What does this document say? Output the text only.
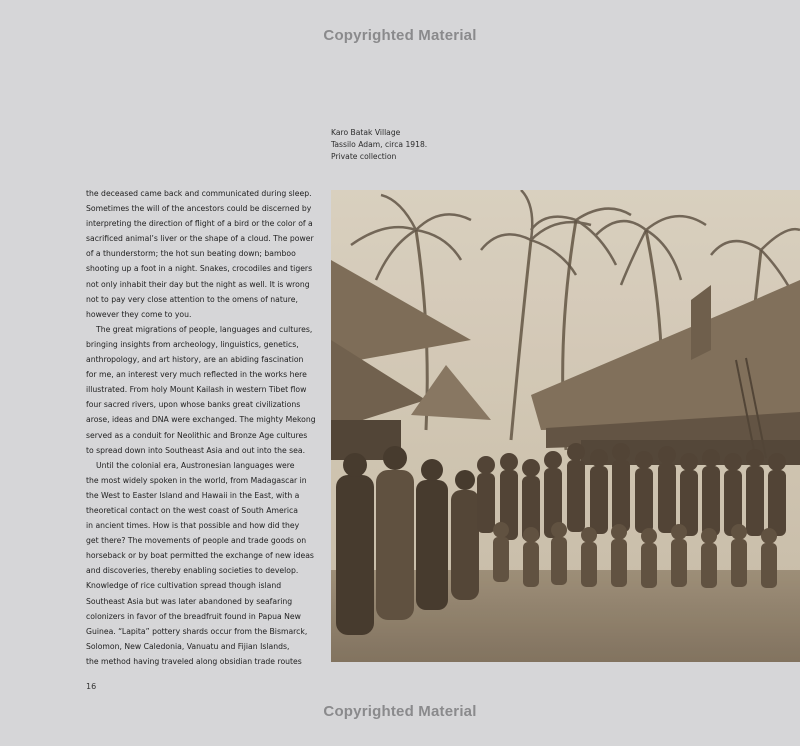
Copyrighted Material
Karo Batak Village
Tassilo Adam, circa 1918.
Private collection
the deceased came back and communicated during sleep.
Sometimes the will of the ancestors could be discerned by
interpreting the direction of flight of a bird or the color of a
sacrificed animal’s liver or the shape of a cloud. The power
of a thunderstorm; the hot sun beating down; bamboo
shooting up a foot in a night. Snakes, crocodiles and tigers
not only inhabit their day but the night as well. It is wrong
not to pay very close attention to the omens of nature,
however they come to you.
The great migrations of people, languages and cultures,
bringing insights from archeology, linguistics, genetics,
anthropology, and art history, are an abiding fascination
for me, an interest very much reflected in the works here
illustrated. From holy Mount Kailash in western Tibet flow
four sacred rivers, upon whose banks great civilizations
arose, ideas and DNA were exchanged. The mighty Mekong
served as a conduit for Neolithic and Bronze Age cultures
to spread down into Southeast Asia and out into the sea.
Until the colonial era, Austronesian languages were
the most widely spoken in the world, from Madagascar in
the West to Easter Island and Hawaii in the East, with a
theoretical contact on the west coast of South America
in ancient times. How is that possible and how did they
get there? The movements of people and trade goods on
horseback or by boat permitted the exchange of new ideas
and discoveries, thereby enabling societies to develop.
Knowledge of rice cultivation spread though island
Southeast Asia but was later abandoned by seafaring
colonizers in favor of the breadfruit found in Papua New
Guinea. “Lapita” pottery shards occur from the Bismarck,
Solomon, New Caledonia, Vanuatu and Fijian Islands,
the method having traveled along obsidian trade routes
16
Copyrighted Material
